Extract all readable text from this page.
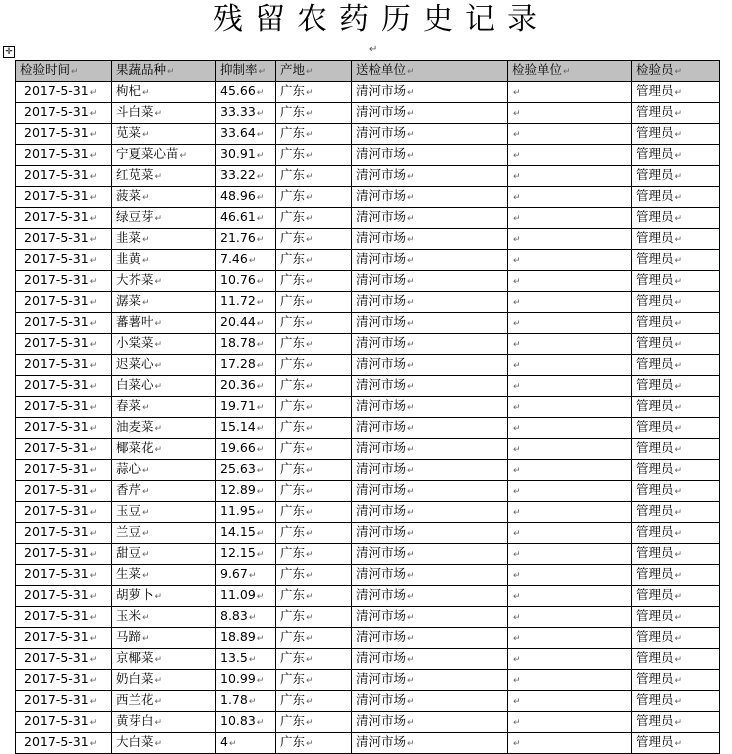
残留农药历史记录
✛	↵
检验时间↵	果蔬品种↵	抑制率↵	产地↵	送检单位↵	检验单位↵	检验员↵
2017-5-31↵	枸杞↵	45.66↵	广东↵	清河市场↵	↵	管理员↵
2017-5-31↵	斗白菜↵	33.33↵	广东↵	清河市场↵	↵	管理员↵
2017-5-31↵	苋菜↵	33.64↵	广东↵	清河市场↵	↵	管理员↵
2017-5-31↵	宁夏菜心苗↵	30.91↵	广东↵	清河市场↵	↵	管理员↵
2017-5-31↵	红苋菜↵	33.22↵	广东↵	清河市场↵	↵	管理员↵
2017-5-31↵	菠菜↵	48.96↵	广东↵	清河市场↵	↵	管理员↵
2017-5-31↵	绿豆芽↵	46.61↵	广东↵	清河市场↵	↵	管理员↵
2017-5-31↵	韭菜↵	21.76↵	广东↵	清河市场↵	↵	管理员↵
2017-5-31↵	韭黄↵	7.46↵	广东↵	清河市场↵	↵	管理员↵
2017-5-31↵	大芥菜↵	10.76↵	广东↵	清河市场↵	↵	管理员↵
2017-5-31↵	潺菜↵	11.72↵	广东↵	清河市场↵	↵	管理员↵
2017-5-31↵	蕃薯叶↵	20.44↵	广东↵	清河市场↵	↵	管理员↵
2017-5-31↵	小棠菜↵	18.78↵	广东↵	清河市场↵	↵	管理员↵
2017-5-31↵	迟菜心↵	17.28↵	广东↵	清河市场↵	↵	管理员↵
2017-5-31↵	白菜心↵	20.36↵	广东↵	清河市场↵	↵	管理员↵
2017-5-31↵	春菜↵	19.71↵	广东↵	清河市场↵	↵	管理员↵
2017-5-31↵	油麦菜↵	15.14↵	广东↵	清河市场↵	↵	管理员↵
2017-5-31↵	椰菜花↵	19.66↵	广东↵	清河市场↵	↵	管理员↵
2017-5-31↵	蒜心↵	25.63↵	广东↵	清河市场↵	↵	管理员↵
2017-5-31↵	香芹↵	12.89↵	广东↵	清河市场↵	↵	管理员↵
2017-5-31↵	玉豆↵	11.95↵	广东↵	清河市场↵	↵	管理员↵
2017-5-31↵	兰豆↵	14.15↵	广东↵	清河市场↵	↵	管理员↵
2017-5-31↵	甜豆↵	12.15↵	广东↵	清河市场↵	↵	管理员↵
2017-5-31↵	生菜↵	9.67↵	广东↵	清河市场↵	↵	管理员↵
2017-5-31↵	胡萝卜↵	11.09↵	广东↵	清河市场↵	↵	管理员↵
2017-5-31↵	玉米↵	8.83↵	广东↵	清河市场↵	↵	管理员↵
2017-5-31↵	马蹄↵	18.89↵	广东↵	清河市场↵	↵	管理员↵
2017-5-31↵	京椰菜↵	13.5↵	广东↵	清河市场↵	↵	管理员↵
2017-5-31↵	奶白菜↵	10.99↵	广东↵	清河市场↵	↵	管理员↵
2017-5-31↵	西兰花↵	1.78↵	广东↵	清河市场↵	↵	管理员↵
2017-5-31↵	黄芽白↵	10.83↵	广东↵	清河市场↵	↵	管理员↵
2017-5-31↵	大白菜↵	4↵	广东↵	清河市场↵	↵	管理员↵
